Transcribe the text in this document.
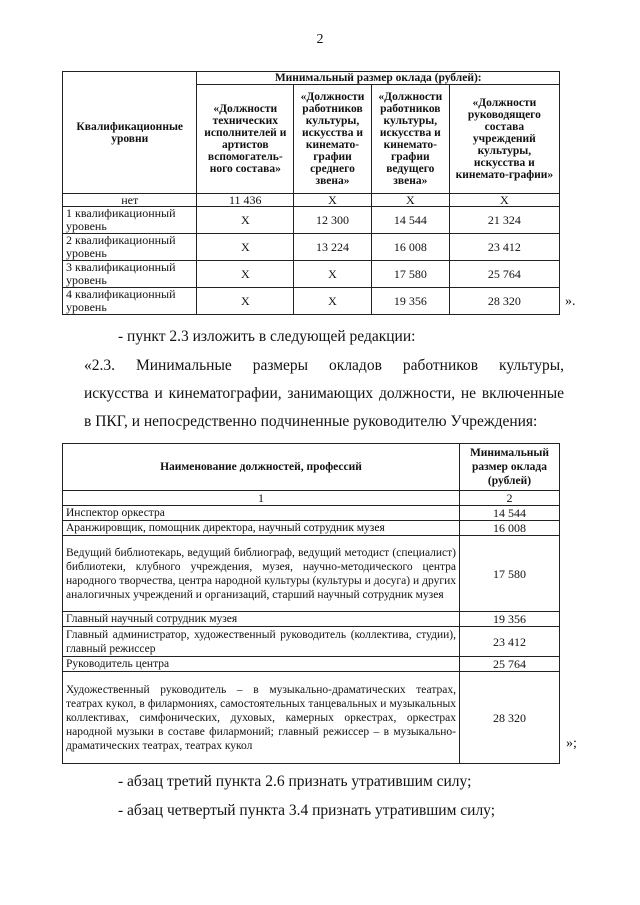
2
Квалификационные уровни	Минимальный размер оклада (рублей):			
	«Должности технических исполнителей и артистов вспомогатель-ного состава»	«Должности работников культуры, искусства и кинемато-графии среднего звена»	«Должности работников культуры, искусства и кинемато-графии ведущего звена»	«Должности руководящего состава учреждений культуры, искусства и кинемато-графии»
нет	11 436	Х	Х	Х
1 квалификационный уровень	Х	12 300	14 544	21 324
2 квалификационный уровень	Х	13 224	16 008	23 412
3 квалификационный уровень	Х	Х	17 580	25 764
4 квалификационный уровень	Х	Х	19 356	28 320	».
- пункт 2.3 изложить в следующей редакции:
«2.3. Минимальные размеры окладов работников культуры,
искусства и кинематографии, занимающих должности, не включенные
в ПКГ, и непосредственно подчиненные руководителю Учреждения:
Наименование должностей, профессий	Минимальный размер оклада (рублей)
1	2
Инспектор оркестра	14 544
Аранжировщик, помощник директора, научный сотрудник музея	16 008
Ведущий библиотекарь, ведущий библиограф, ведущий методист (специалист) библиотеки, клубного учреждения, музея, научно-методического центра народного творчества, центра народной культуры (культуры и досуга) и других аналогичных учреждений и организаций, старший научный сотрудник музея	17 580
Главный научный сотрудник музея	19 356
Главный администратор, художественный руководитель (коллектива, студии), главный режиссер	23 412
Руководитель центра	25 764
Художественный руководитель – в музыкально-драматических театрах, театрах кукол, в филармониях, самостоятельных танцевальных и музыкальных коллективах, симфонических, духовых, камерных оркестрах, оркестрах народной музыки в составе филармоний; главный режиссер – в музыкально-драматических театрах, театрах кукол	28 320
»;
- абзац третий пункта 2.6 признать утратившим силу;
- абзац четвертый пункта 3.4 признать утратившим силу;
